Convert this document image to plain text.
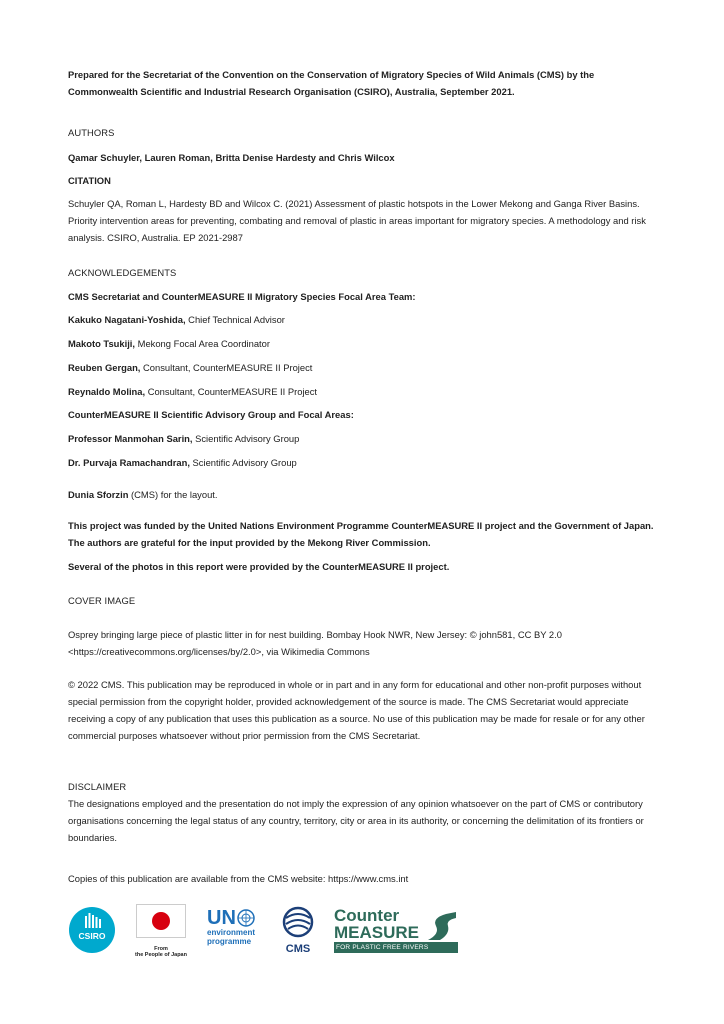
Prepared for the Secretariat of the Convention on the Conservation of Migratory Species of Wild Animals (CMS) by the Commonwealth Scientific and Industrial Research Organisation (CSIRO), Australia, September 2021.
AUTHORS
Qamar Schuyler, Lauren Roman, Britta Denise Hardesty and Chris Wilcox
CITATION
Schuyler QA, Roman L, Hardesty BD and Wilcox C. (2021) Assessment of plastic hotspots in the Lower Mekong and Ganga River Basins. Priority intervention areas for preventing, combating and removal of plastic in areas important for migratory species. A methodology and risk analysis. CSIRO, Australia. EP 2021-2987
ACKNOWLEDGEMENTS
CMS Secretariat and CounterMEASURE II Migratory Species Focal Area Team:
Kakuko Nagatani-Yoshida, Chief Technical Advisor
Makoto Tsukiji, Mekong Focal Area Coordinator
Reuben Gergan, Consultant, CounterMEASURE II Project
Reynaldo Molina, Consultant, CounterMEASURE II Project
CounterMEASURE II Scientific Advisory Group and Focal Areas:
Professor Manmohan Sarin, Scientific Advisory Group
Dr. Purvaja Ramachandran, Scientific Advisory Group
Dunia Sforzin (CMS) for the layout.
This project was funded by the United Nations Environment Programme CounterMEASURE II project and the Government of Japan. The authors are grateful for the input provided by the Mekong River Commission.
Several of the photos in this report were provided by the CounterMEASURE II project.
COVER IMAGE
Osprey bringing large piece of plastic litter in for nest building. Bombay Hook NWR, New Jersey: © john581, CC BY 2.0
<https://creativecommons.org/licenses/by/2.0>, via Wikimedia Commons
© 2022 CMS. This publication may be reproduced in whole or in part and in any form for educational and other non-profit purposes without special permission from the copyright holder, provided acknowledgement of the source is made. The CMS Secretariat would appreciate receiving a copy of any publication that uses this publication as a source. No use of this publication may be made for resale or for any other commercial purposes whatsoever without prior permission from the CMS Secretariat.
DISCLAIMER
The designations employed and the presentation do not imply the expression of any opinion whatsoever on the part of CMS or contributory organisations concerning the legal status of any country, territory, city or area in its authority, or concerning the delimitation of its frontiers or boundaries.
Copies of this publication are available from the CMS website: https://www.cms.int
CSIRO
From
the People of Japan
UN
environment
programme
CMS
Counter
MEASURE
FOR PLASTIC FREE RIVERS
